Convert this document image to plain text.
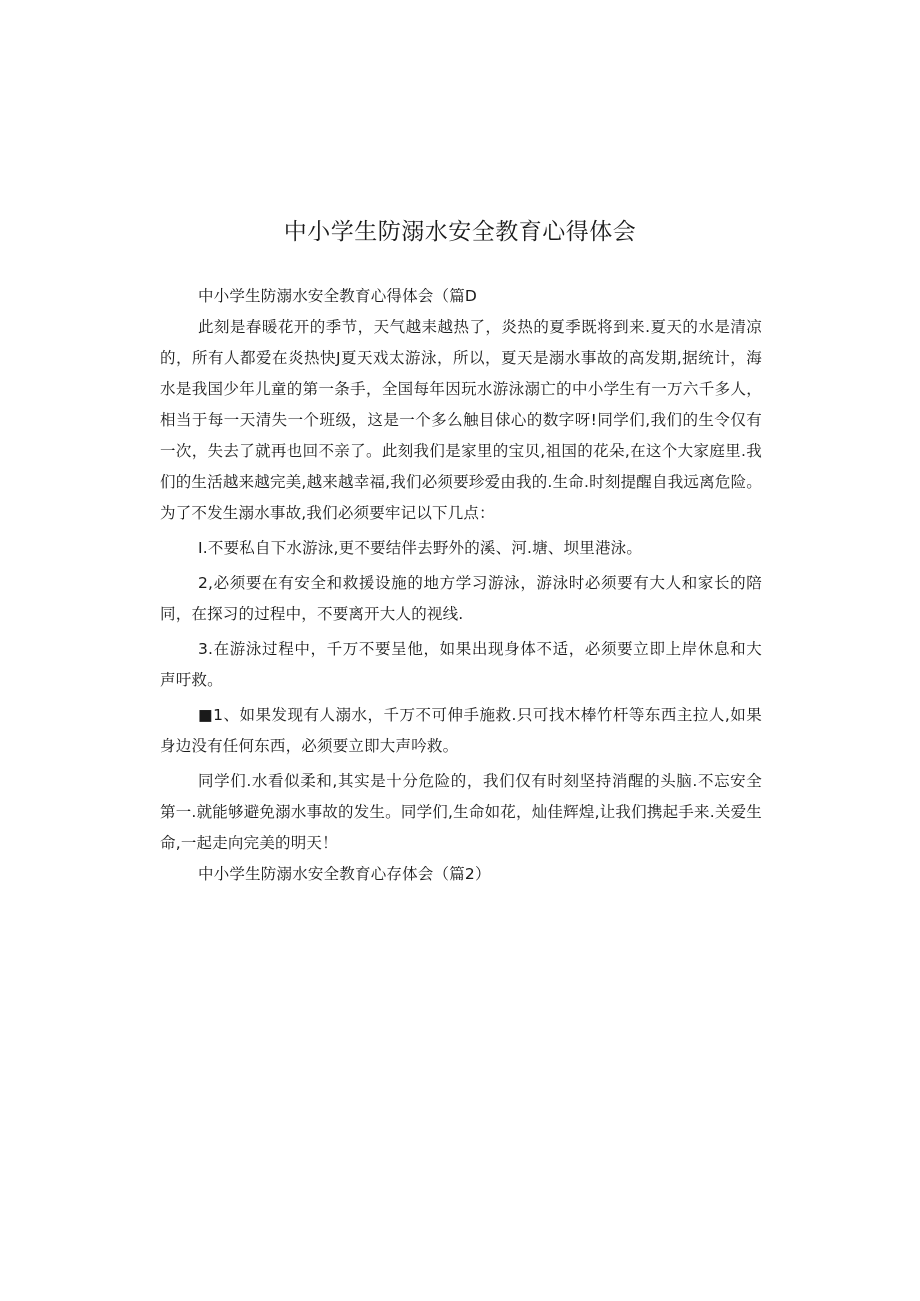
中小学生防溺水安全教育心得体会

中小学生防溺水安全教育心得体会（篇D

此刻是春暖花开的季节，天气越耒越热了，炎热的夏季既将到来.夏天的水是清凉的，所有人都爱在炎热快J夏天戏太游泳，所以，夏天是溺水事故的高发期,据统计，海水是我国少年儿童的第一条手，全国每年因玩水游泳溺亡的中小学生有一万六千多人，相当于每一天清失一个班级，这是一个多么触目俅心的数字呀!同学们,我们的生令仅有一次，失去了就再也回不亲了。此刻我们是家里的宝贝,祖国的花朵,在这个大家庭里.我们的生活越来越完美,越来越幸福,我们必须要珍爱由我的.生命.时刻提醒自我远离危险。为了不发生溺水事故,我们必须要牢记以下几点：

I.不要私自下水游泳,更不要结伴去野外的溪、河.塘、坝里港泳。

2,必须要在有安全和救援设施的地方学习游泳，游泳时必须要有大人和家长的陪同，在探习的过程中，不要离开大人的视线.

3.在游泳过程中，千万不要呈他，如果出现身体不适，必须要立即上岸休息和大声吁救。

■1、如果发现有人溺水，千万不可伸手施救.只可找木棒竹杆等东西主拉人,如果身边没有任何东西，必须要立即大声吟救。

同学们.水看似柔和,其实是十分危险的，我们仅有时刻坚持消醒的头脑.不忘安全第一.就能够避免溺水事故的发生。同学们,生命如花，灿佳辉煌,让我们携起手来.关爱生命,一起走向完美的明天！

中小学生防溺水安全教育心存体会（篇2）
